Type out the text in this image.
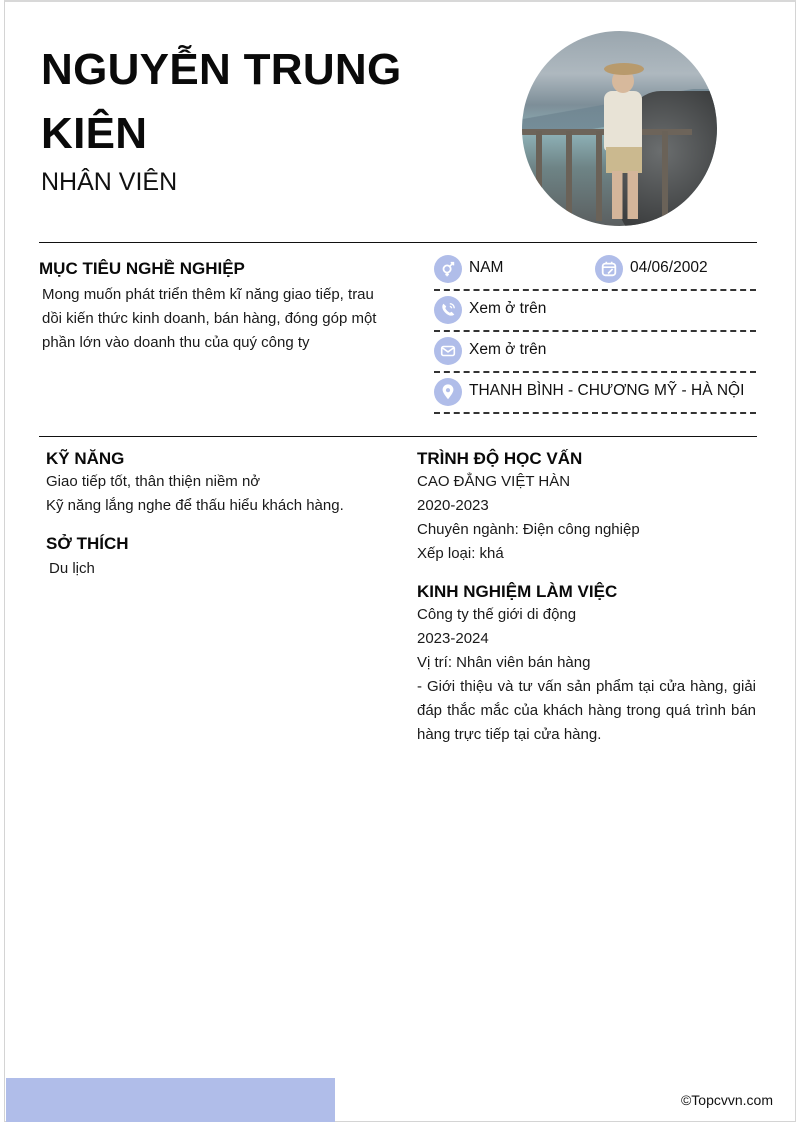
NGUYỄN TRUNG KIÊN
NHÂN VIÊN
MỤC TIÊU NGHỀ NGHIỆP
Mong muốn phát triển thêm kĩ năng giao tiếp, trau
dồi kiến thức kinh doanh, bán hàng, đóng góp một
phần lớn vào doanh thu của quý công ty
NAM	04/06/2002
Xem ở trên
Xem ở trên
THANH BÌNH - CHƯƠNG MỸ - HÀ NỘI
KỸ NĂNG
Giao tiếp tốt, thân thiện niềm nở
Kỹ năng lắng nghe để thấu hiểu khách hàng.
SỞ THÍCH
Du lịch
TRÌNH ĐỘ HỌC VẤN
CAO ĐẲNG VIỆT HÀN
2020-2023
Chuyên ngành: Điện công nghiệp
Xếp loại: khá
KINH NGHIỆM LÀM VIỆC
Công ty thế giới di động
2023-2024
Vị trí: Nhân viên bán hàng
- Giới thiệu và tư vấn sản phẩm tại cửa hàng, giải đáp thắc mắc của khách hàng trong quá trình bán hàng trực tiếp tại cửa hàng.
©Topcvvn.com
